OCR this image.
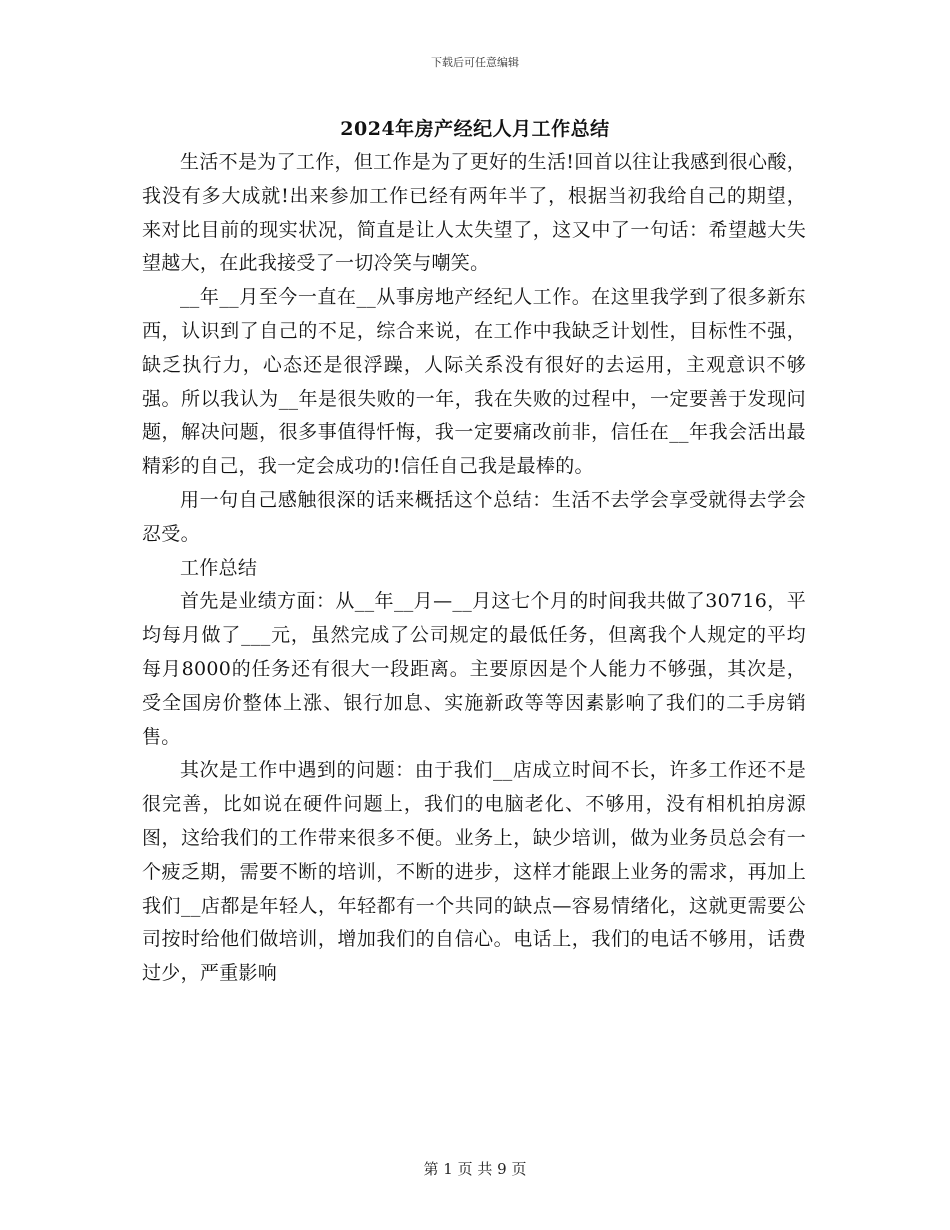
下载后可任意编辑
2024年房产经纪人月工作总结

生活不是为了工作，但工作是为了更好的生活!回首以往让我感到很心酸，我没有多大成就!出来参加工作已经有两年半了，根据当初我给自己的期望，来对比目前的现实状况，简直是让人太失望了，这又中了一句话：希望越大失望越大，在此我接受了一切冷笑与嘲笑。

__年__月至今一直在__从事房地产经纪人工作。在这里我学到了很多新东西，认识到了自己的不足，综合来说，在工作中我缺乏计划性，目标性不强，缺乏执行力，心态还是很浮躁，人际关系没有很好的去运用，主观意识不够强。所以我认为__年是很失败的一年，我在失败的过程中，一定要善于发现问题，解决问题，很多事值得忏悔，我一定要痛改前非，信任在__年我会活出最精彩的自己，我一定会成功的!信任自己我是最棒的。

用一句自己感触很深的话来概括这个总结：生活不去学会享受就得去学会忍受。

工作总结

首先是业绩方面：从__年__月—__月这七个月的时间我共做了30716，平均每月做了___元，虽然完成了公司规定的最低任务，但离我个人规定的平均每月8000的任务还有很大一段距离。主要原因是个人能力不够强，其次是，受全国房价整体上涨、银行加息、实施新政等等因素影响了我们的二手房销售。

其次是工作中遇到的问题：由于我们__店成立时间不长，许多工作还不是很完善，比如说在硬件问题上，我们的电脑老化、不够用，没有相机拍房源图，这给我们的工作带来很多不便。业务上，缺少培训，做为业务员总会有一个疲乏期，需要不断的培训，不断的进步，这样才能跟上业务的需求，再加上我们__店都是年轻人，年轻都有一个共同的缺点—容易情绪化，这就更需要公司按时给他们做培训，增加我们的自信心。电话上，我们的电话不够用，话费过少，严重影响

第 1 页 共 9 页
